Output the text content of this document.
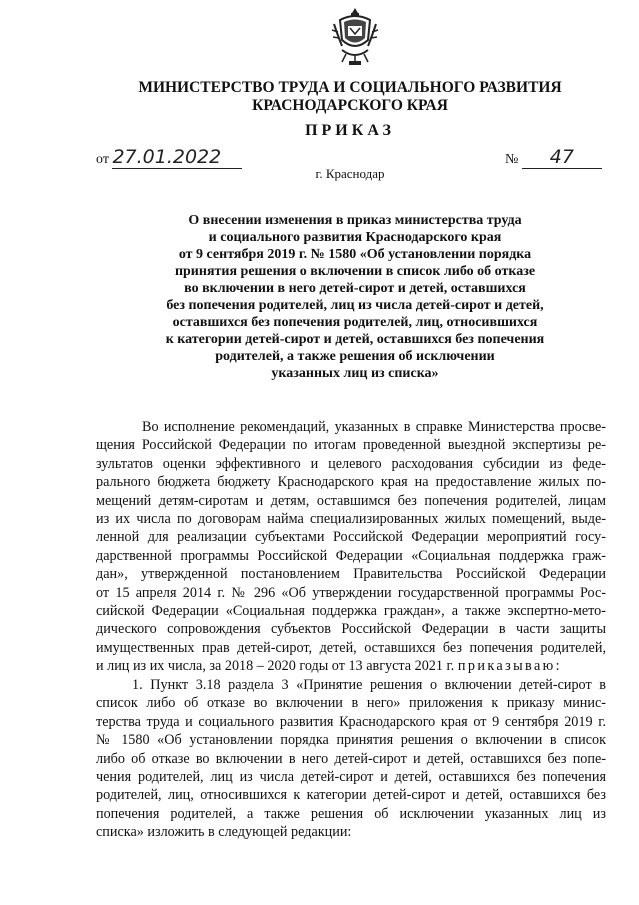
МИНИСТЕРСТВО ТРУДА И СОЦИАЛЬНОГО РАЗВИТИЯ
КРАСНОДАРСКОГО КРАЯ
ПРИКАЗ
от 27.01.2022	№ 47
г. Краснодар
О внесении изменения в приказ министерства труда
и социального развития Краснодарского края
от 9 сентября 2019 г. № 1580 «Об установлении порядка
принятия решения о включении в список либо об отказе
во включении в него детей-сирот и детей, оставшихся
без попечения родителей, лиц из числа детей-сирот и детей,
оставшихся без попечения родителей, лиц, относившихся
к категории детей-сирот и детей, оставшихся без попечения
родителей, а также решения об исключении
указанных лиц из списка»
Во исполнение рекомендаций, указанных в справке Министерства просве-
щения Российской Федерации по итогам проведенной выездной экспертизы ре-
зультатов оценки эффективного и целевого расходования субсидии из феде-
рального бюджета бюджету Краснодарского края на предоставление жилых по-
мещений детям-сиротам и детям, оставшимся без попечения родителей, лицам
из их числа по договорам найма специализированных жилых помещений, выде-
ленной для реализации субъектами Российской Федерации мероприятий госу-
дарственной программы Российской Федерации «Социальная поддержка граж-
дан», утвержденной постановлением Правительства Российской Федерации
от 15 апреля 2014 г. № 296 «Об утверждении государственной программы Рос-
сийской Федерации «Социальная поддержка граждан», а также экспертно-мето-
дического сопровождения субъектов Российской Федерации в части защиты
имущественных прав детей-сирот, детей, оставшихся без попечения родителей,
и лиц из их числа, за 2018 – 2020 годы от 13 августа 2021 г. приказываю:
1. Пункт 3.18 раздела 3 «Принятие решения о включении детей-сирот в
список либо об отказе во включении в него» приложения к приказу минис-
терства труда и социального развития Краснодарского края от 9 сентября 2019 г.
№ 1580 «Об установлении порядка принятия решения о включении в список
либо об отказе во включении в него детей-сирот и детей, оставшихся без попе-
чения родителей, лиц из числа детей-сирот и детей, оставшихся без попечения
родителей, лиц, относившихся к категории детей-сирот и детей, оставшихся без
попечения родителей, а также решения об исключении указанных лиц из
списка» изложить в следующей редакции:
